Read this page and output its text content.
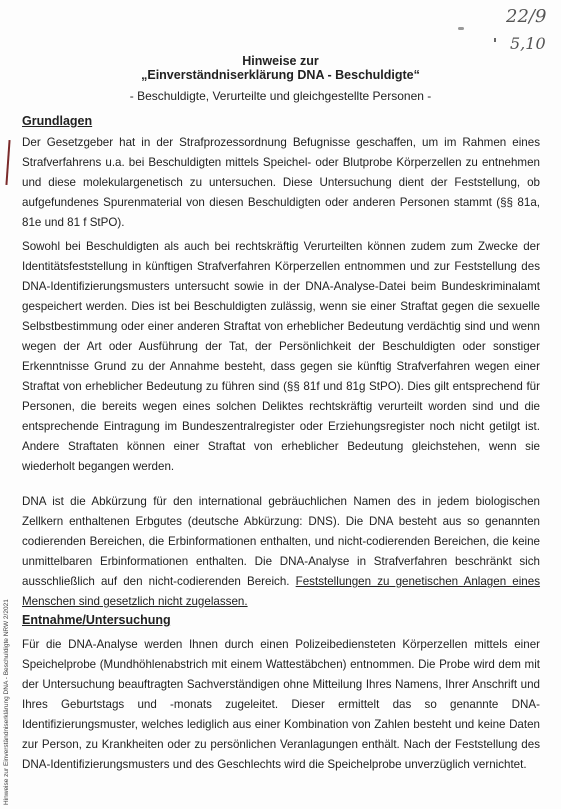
22/9
5,10
Hinweise zur
„Einverständniserklärung DNA - Beschuldigte“
- Beschuldigte, Verurteilte und gleichgestellte Personen -
Grundlagen

Der Gesetzgeber hat in der Strafprozessordnung Befugnisse geschaffen, um im Rahmen eines Strafverfahrens u.a. bei Beschuldigten mittels Speichel- oder Blutprobe Körperzellen zu entnehmen und diese molekulargenetisch zu untersuchen. Diese Untersuchung dient der Feststellung, ob aufgefundenes Spurenmaterial von diesen Beschuldigten oder anderen Personen stammt (§§ 81a, 81e und 81 f StPO).

Sowohl bei Beschuldigten als auch bei rechtskräftig Verurteilten können zudem zum Zwecke der Identitätsfeststellung in künftigen Strafverfahren Körperzellen entnommen und zur Feststellung des DNA-Identifizierungsmusters untersucht sowie in der DNA-Analyse-Datei beim Bundeskriminalamt gespeichert werden. Dies ist bei Beschuldigten zulässig, wenn sie einer Straftat gegen die sexuelle Selbstbestimmung oder einer anderen Straftat von erheblicher Bedeutung verdächtig sind und wenn wegen der Art oder Ausführung der Tat, der Persönlichkeit der Beschuldigten oder sonstiger Erkenntnisse Grund zu der Annahme besteht, dass gegen sie künftig Strafverfahren wegen einer Straftat von erheblicher Bedeutung zu führen sind (§§ 81f und 81g StPO). Dies gilt entsprechend für Personen, die bereits wegen eines solchen Deliktes rechtskräftig verurteilt worden sind und die entsprechende Eintragung im Bundeszentralregister oder Erziehungsregister noch nicht getilgt ist. Andere Straftaten können einer Straftat von erheblicher Bedeutung gleichstehen, wenn sie wiederholt begangen werden.

DNA ist die Abkürzung für den international gebräuchlichen Namen des in jedem biologischen Zellkern enthaltenen Erbgutes (deutsche Abkürzung: DNS). Die DNA besteht aus so genannten codierenden Bereichen, die Erbinformationen enthalten, und nicht-codierenden Bereichen, die keine unmittelbaren Erbinformationen enthalten. Die DNA-Analyse in Strafverfahren beschränkt sich ausschließlich auf den nicht-codierenden Bereich. Feststellungen zu genetischen Anlagen eines Menschen sind gesetzlich nicht zugelassen.

Entnahme/Untersuchung

Für die DNA-Analyse werden Ihnen durch einen Polizeibediensteten Körperzellen mittels einer Speichelprobe (Mundhöhlenabstrich mit einem Wattestäbchen) entnommen. Die Probe wird dem mit der Untersuchung beauftragten Sachverständigen ohne Mitteilung Ihres Namens, Ihrer Anschrift und Ihres Geburtstags und -monats zugeleitet. Dieser ermittelt das so genannte DNA-Identifizierungsmuster, welches lediglich aus einer Kombination von Zahlen besteht und keine Daten zur Person, zu Krankheiten oder zu persönlichen Veranlagungen enthält. Nach der Feststellung des DNA-Identifizierungsmusters und des Geschlechts wird die Speichelprobe unverzüglich vernichtet.

Hinweise zur Einverständniserklärung DNA - Beschuldigte NRW 2/2021
